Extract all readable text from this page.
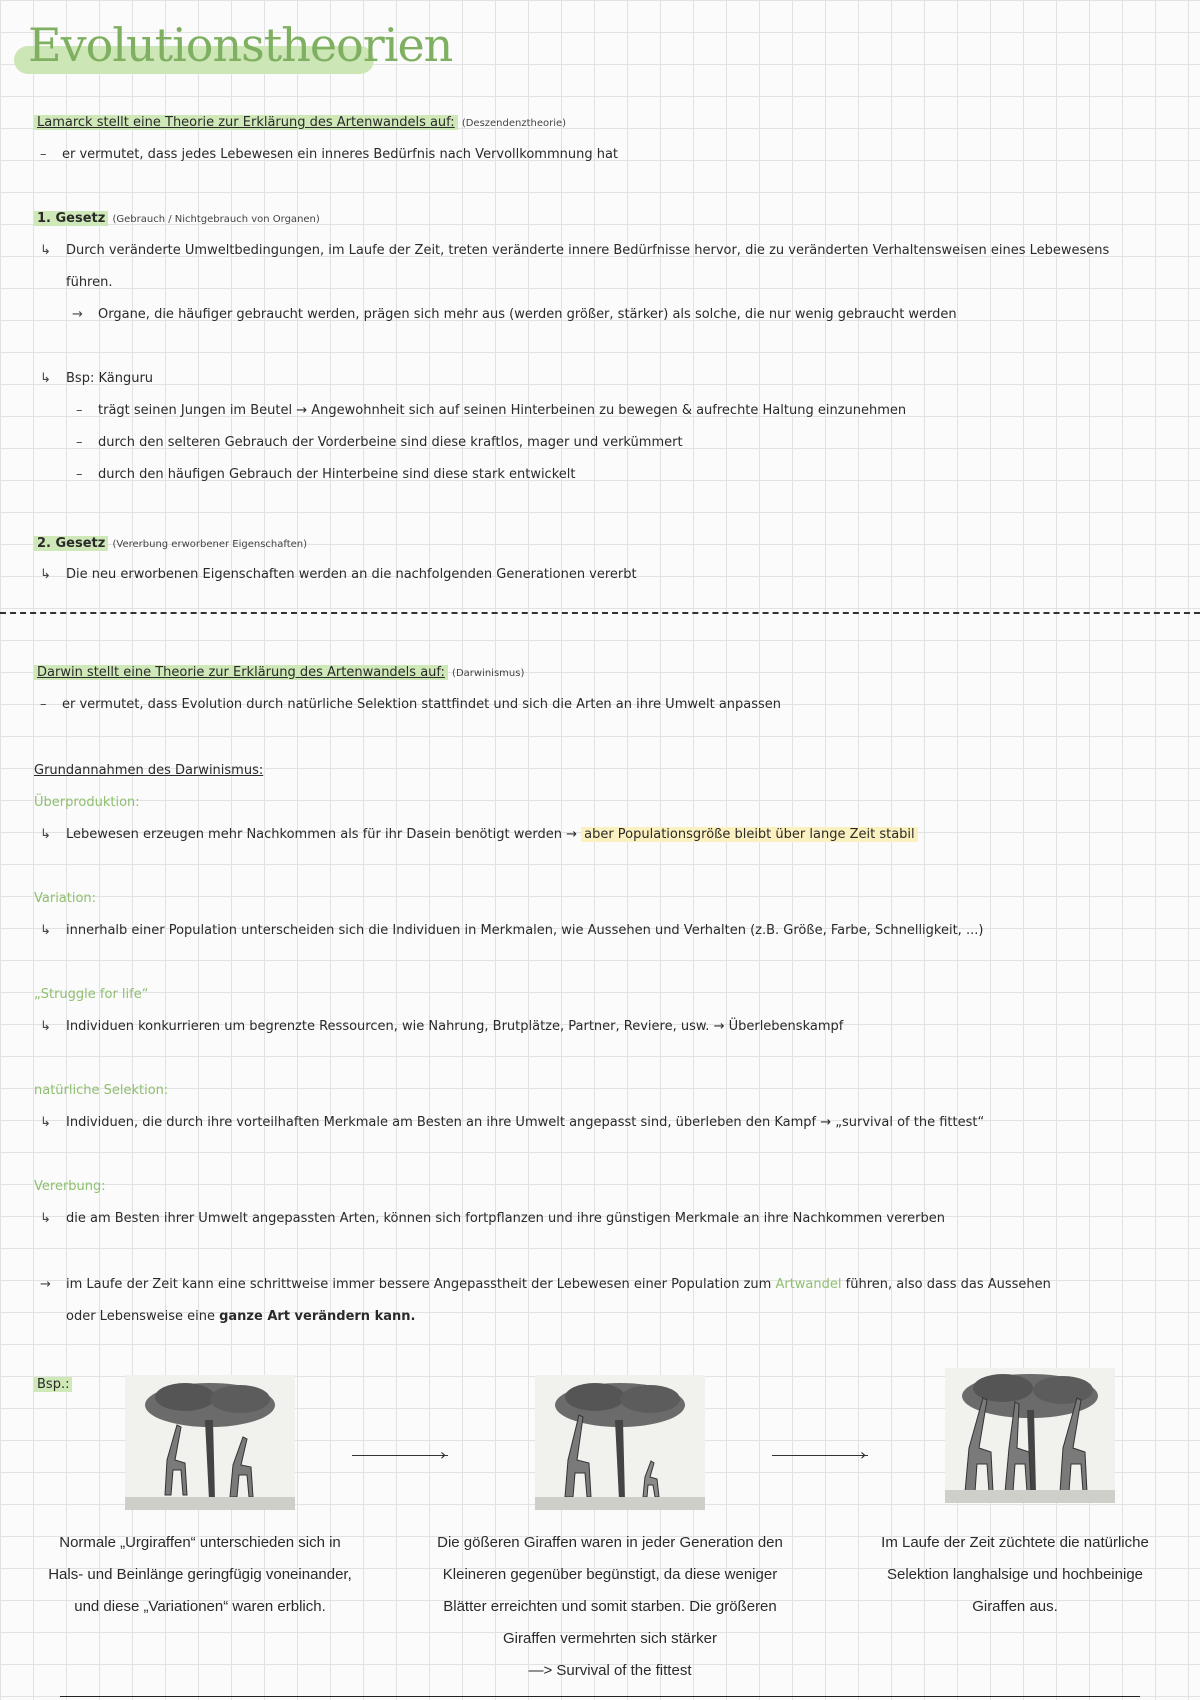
Evolutionstheorien
Lamarck stellt eine Theorie zur Erklärung des Artenwandels auf: (Deszendenztheorie)
– er vermutet, dass jedes Lebewesen ein inneres Bedürfnis nach Vervollkommnung hat
1. Gesetz (Gebrauch / Nichtgebrauch von Organen)
↳ Durch veränderte Umweltbedingungen, im Laufe der Zeit, treten veränderte innere Bedürfnisse hervor, die zu veränderten Verhaltensweisen eines Lebewesens
führen.
→ Organe, die häufiger gebraucht werden, prägen sich mehr aus (werden größer, stärker) als solche, die nur wenig gebraucht werden
↳ Bsp: Känguru
– trägt seinen Jungen im Beutel → Angewohnheit sich auf seinen Hinterbeinen zu bewegen & aufrechte Haltung einzunehmen
– durch den selteren Gebrauch der Vorderbeine sind diese kraftlos, mager und verkümmert
– durch den häufigen Gebrauch der Hinterbeine sind diese stark entwickelt
2. Gesetz (Vererbung erworbener Eigenschaften)
↳ Die neu erworbenen Eigenschaften werden an die nachfolgenden Generationen vererbt
Darwin stellt eine Theorie zur Erklärung des Artenwandels auf: (Darwinismus)
– er vermutet, dass Evolution durch natürliche Selektion stattfindet und sich die Arten an ihre Umwelt anpassen
Grundannahmen des Darwinismus:
Überproduktion:
↳ Lebewesen erzeugen mehr Nachkommen als für ihr Dasein benötigt werden → aber Populationsgröße bleibt über lange Zeit stabil
Variation:
↳ innerhalb einer Population unterscheiden sich die Individuen in Merkmalen, wie Aussehen und Verhalten (z.B. Größe, Farbe, Schnelligkeit, ...)
„Struggle for life“
↳ Individuen konkurrieren um begrenzte Ressourcen, wie Nahrung, Brutplätze, Partner, Reviere, usw. → Überlebenskampf
natürliche Selektion:
↳ Individuen, die durch ihre vorteilhaften Merkmale am Besten an ihre Umwelt angepasst sind, überleben den Kampf → „survival of the fittest“
Vererbung:
↳ die am Besten ihrer Umwelt angepassten Arten, können sich fortpflanzen und ihre günstigen Merkmale an ihre Nachkommen vererben
→ im Laufe der Zeit kann eine schrittweise immer bessere Angepasstheit der Lebewesen einer Population zum Artwandel führen, also dass das Aussehen
oder Lebensweise eine ganze Art verändern kann.
Bsp.:
›	›
Normale „Urgiraffen“ unterschieden sich in
Hals- und Beinlänge geringfügig voneinander,
und diese „Variationen“ waren erblich.
Die gößeren Giraffen waren in jeder Generation den
Kleineren gegenüber begünstigt, da diese weniger
Blätter erreichten und somit starben. Die größeren
Giraffen vermehrten sich stärker
—> Survival of the fittest
Im Laufe der Zeit züchtete die natürliche
Selektion langhalsige und hochbeinige
Giraffen aus.
